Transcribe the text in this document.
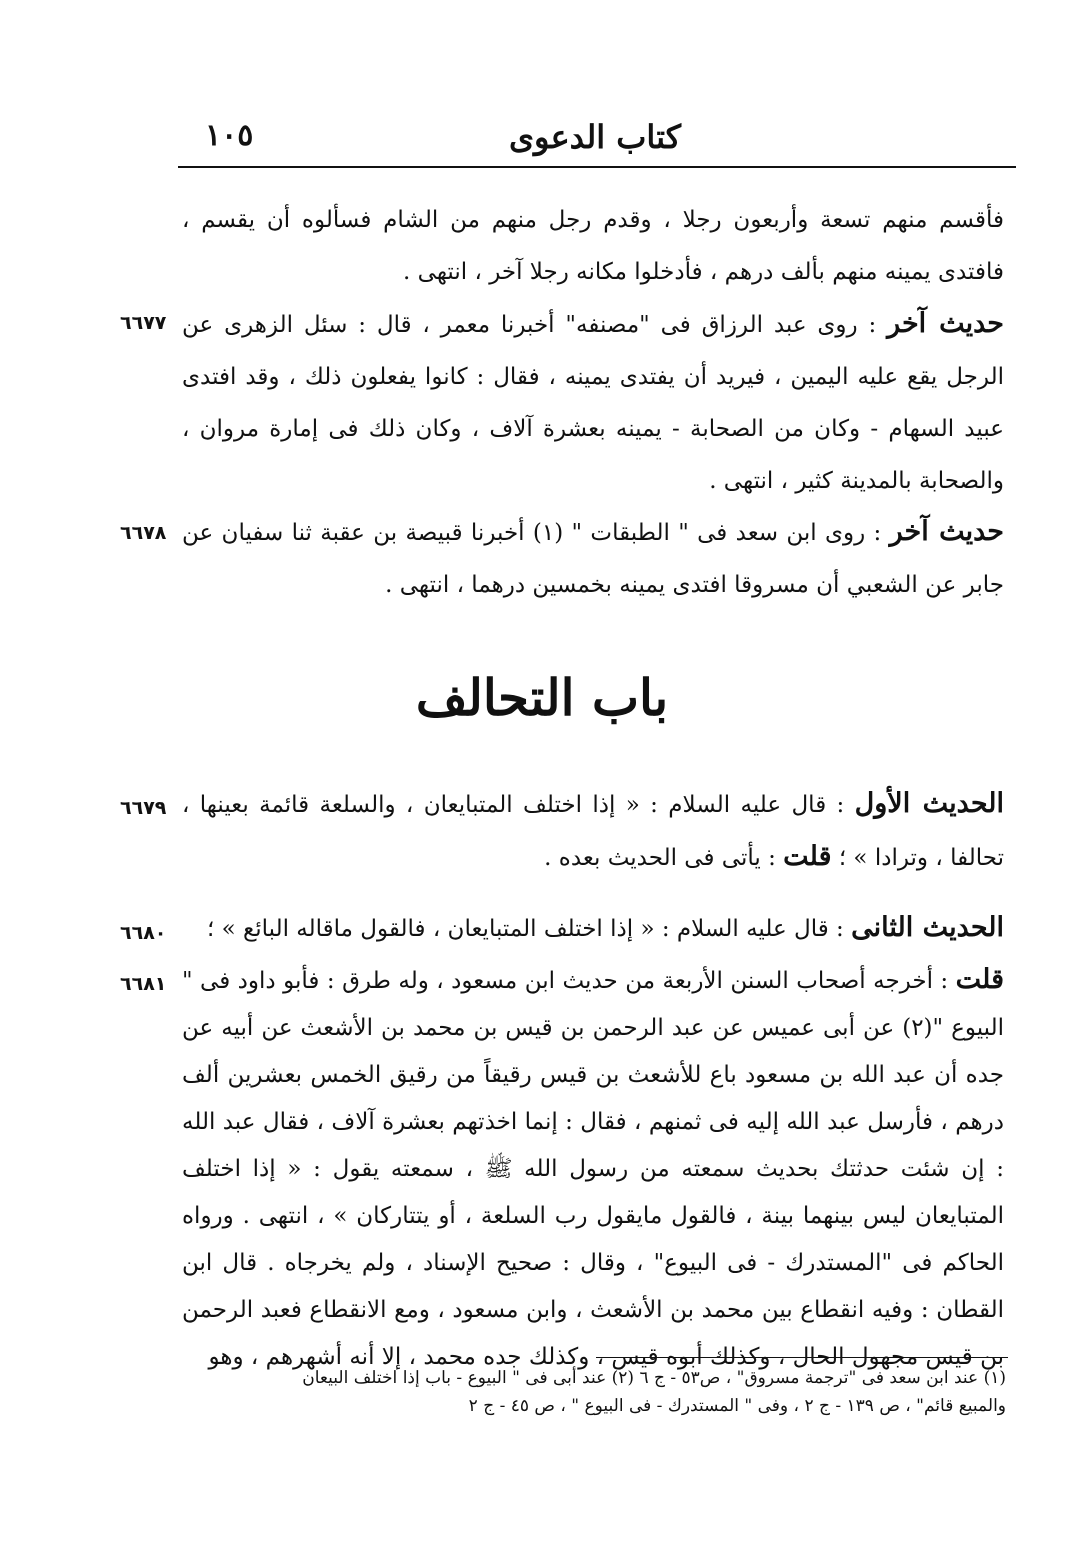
١٠٥	كتاب الدعوى

فأقسم منهم تسعة وأربعون رجلا ، وقدم رجل منهم من الشام فسألوه أن يقسم ، فافتدى يمينه منهم بألف درهم ، فأدخلوا مكانه رجلا آخر ، انتهى .

٦٦٧٧	حديث آخر : روى عبد الرزاق فى "مصنفه" أخبرنا معمر ، قال : سئل الزهرى عن الرجل يقع عليه اليمين ، فيريد أن يفتدى يمينه ، فقال : كانوا يفعلون ذلك ، وقد افتدى عبيد السهام - وكان من الصحابة - يمينه بعشرة آلاف ، وكان ذلك فى إمارة مروان ، والصحابة بالمدينة كثير ، انتهى .

٦٦٧٨	حديث آخر : روى ابن سعد فى " الطبقات " (١) أخبرنا قبيصة بن عقبة ثنا سفيان عن جابر عن الشعبي أن مسروقا افتدى يمينه بخمسين درهما ، انتهى .

باب التحالف
٦٦٧٩	الحديث الأول : قال عليه السلام : « إذا اختلف المتبايعان ، والسلعة قائمة بعينها ، تحالفا ، وترادا » ؛ قلت : يأتى فى الحديث بعده .

٦٦٨٠	الحديث الثانى : قال عليه السلام : « إذا اختلف المتبايعان ، فالقول ماقاله البائع » ؛

٦٦٨١	قلت : أخرجه أصحاب السنن الأربعة من حديث ابن مسعود ، وله طرق : فأبو داود فى " البيوع "(٢) عن أبى عميس عن عبد الرحمن بن قيس بن محمد بن الأشعث عن أبيه عن جده أن عبد الله بن مسعود باع للأشعث بن قيس رقيقاً من رقيق الخمس بعشرين ألف درهم ، فأرسل عبد الله إليه فى ثمنهم ، فقال : إنما اخذتهم بعشرة آلاف ، فقال عبد الله : إن شئت حدثتك بحديث سمعته من رسول الله ﷺ ، سمعته يقول : « إذا اختلف المتبايعان ليس بينهما بينة ، فالقول مايقول رب السلعة ، أو يتتاركان » ، انتهى . ورواه الحاكم فى "المستدرك - فى البيوع" ، وقال : صحيح الإسناد ، ولم يخرجاه . قال ابن القطان : وفيه انقطاع بين محمد بن الأشعث ، وابن مسعود ، ومع الانقطاع فعبد الرحمن بن قيس مجهول الحال ، وكذلك أبوه قيس ، وكذلك جده محمد ، إلا أنه أشهرهم ، وهو

(١) عند ابن سعد فى "ترجمة مسروق" ، ص٥٣ - ج ٦ (٢) عند أبى فى " البيوع - باب إذا اختلف البيعان

والمبيع قائم" ، ص ١٣٩ - ج ٢ ، وفى " المستدرك - فى البيوع " ، ص ٤٥ - ج ٢
